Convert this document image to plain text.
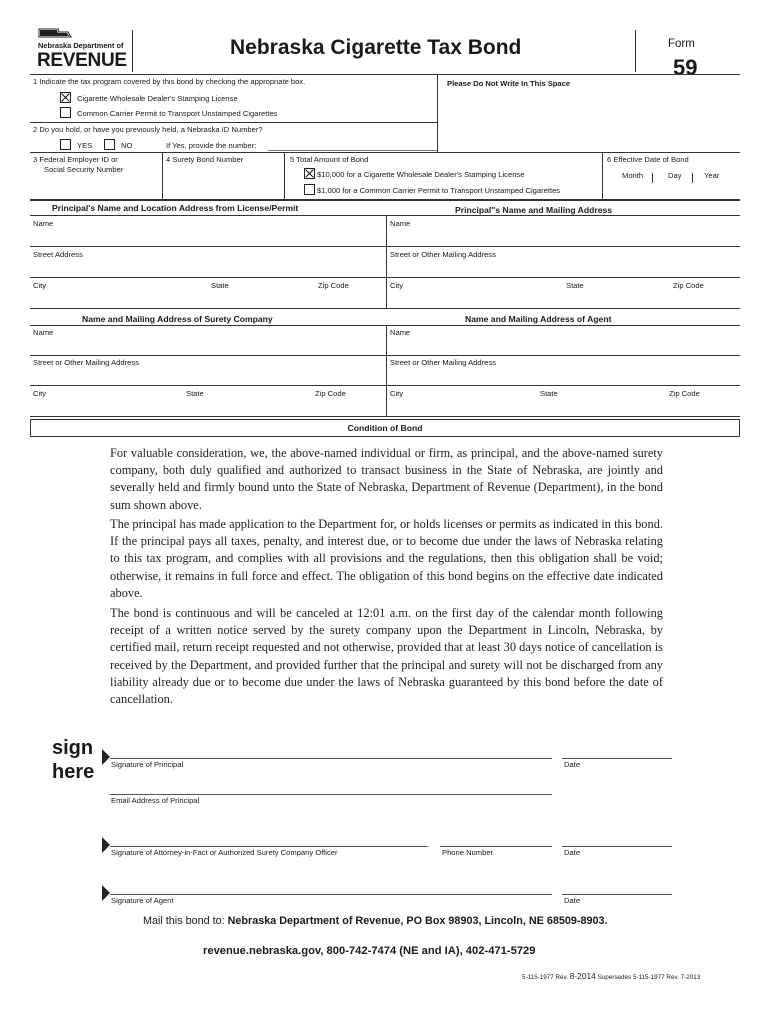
Nebraska Department of
REVENUE
Nebraska Cigarette Tax Bond	Form
59
1 Indicate the tax program covered by this bond by checking the appropriate box.
Cigarette Wholesale Dealer's Stamping License
Common Carrier Permit to Transport Unstamped Cigarettes
Please Do Not Write In This Space
2 Do you hold, or have you previously held, a Nebraska ID Number?
YES	NO	If Yes, provide the number:
3 Federal Employer ID or
Social Security Number
4 Surety Bond Number	5 Total Amount of Bond
$10,000 for a Cigarette Wholesale Dealer's Stamping License
$1,000 for a Common Carrier Permit to Transport Unstamped Cigarettes
6 Effective Date of Bond
Month	Day	Year
Principal's Name and Location Address from License/Permit	Principal"s Name and Mailing Address
Name	Name
Street Address	Street or Other Mailing Address
City	State	Zip Code	City	State	Zip Code
Name and Mailing Address of Surety Company	Name and Mailing Address of Agent
Name	Name
Street or Other Mailing Address	Street or Other Mailing Address
City	State	Zip Code	City	State	Zip Code
Condition of Bond

For valuable consideration, we, the above-named individual or firm, as principal, and the above-named surety company, both duly qualified and authorized to transact business in the State of Nebraska, are jointly and severally held and firmly bound unto the State of Nebraska, Department of Revenue (Department), in the bond sum shown above.

The principal has made application to the Department for, or holds licenses or permits as indicated in this bond. If the principal pays all taxes, penalty, and interest due, or to become due under the laws of Nebraska relating to this tax program, and complies with all provisions and the regulations, then this obligation shall be void; otherwise, it remains in full force and effect. The obligation of this bond begins on the effective date indicated above.

The bond is continuous and will be canceled at 12:01 a.m. on the first day of the calendar month following receipt of a written notice served by the surety company upon the Department in Lincoln, Nebraska, by certified mail, return receipt requested and not otherwise, provided that at least 30 days notice of cancellation is received by the Department, and provided further that the principal and surety will not be discharged from any liability already due or to become due under the laws of Nebraska guaranteed by this bond before the date of cancellation.

sign
here Signature of Principal	Date
Email Address of Principal
Signature of Attorney-in-Fact or Authorized Surety Company Officer	Phone Number	Date
Signature of Agent	Date
Mail this bond to: Nebraska Department of Revenue, PO Box 98903, Lincoln, NE 68509-8903.
revenue.nebraska.gov, 800-742-7474 (NE and IA), 402-471-5729
5-115-1977 Rev. 8-2014 Supersedes 5-115-1977 Rev. 7-2013
